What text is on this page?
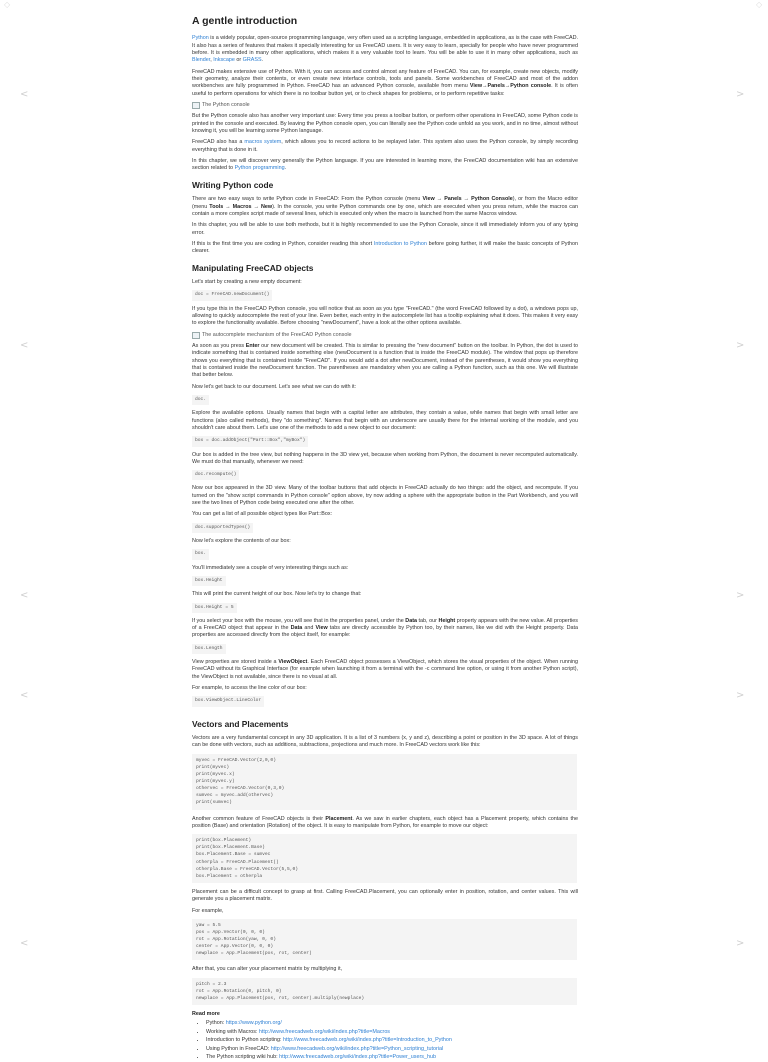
◇	◇
<	>
<	>
<	>
<	>
<	>
A gentle introduction

Python is a widely popular, open-source programming language, very often used as a scripting language, embedded in applications, as is the case with FreeCAD. It also has a series of features that makes it specially interesting for us FreeCAD users. It is very easy to learn, specially for people who have never programmed before. It is embedded in many other applications, which makes it a very valuable tool to learn. You will be able to use it in many other applications, such as Blender, Inkscape or GRASS.

FreeCAD makes extensive use of Python. With it, you can access and control almost any feature of FreeCAD. You can, for example, create new objects, modify their geometry, analyze their contents, or even create new interface controls, tools and panels. Some workbenches of FreeCAD and most of the addon workbenches are fully programmed in Python. FreeCAD has an advanced Python console, available from menu View→Panels→Python console. It is often useful to perform operations for which there is no toolbar button yet, or to check shapes for problems, or to perform repetitive tasks:

The Python console

But the Python console also has another very important use: Every time you press a toolbar button, or perform other operations in FreeCAD, some Python code is printed in the console and executed. By leaving the Python console open, you can literally see the Python code unfold as you work, and in no time, almost without knowing it, you will be learning some Python language.

FreeCAD also has a macros system, which allows you to record actions to be replayed later. This system also uses the Python console, by simply recording everything that is done in it.

In this chapter, we will discover very generally the Python language. If you are interested in learning more, the FreeCAD documentation wiki has an extensive section related to Python programming.

Writing Python code

There are two easy ways to write Python code in FreeCAD: From the Python console (menu View → Panels → Python Console), or from the Macro editor (menu Tools → Macros → New). In the console, you write Python commands one by one, which are executed when you press return, while the macros can contain a more complex script made of several lines, which is executed only when the macro is launched from the same Macros window.

In this chapter, you will be able to use both methods, but it is highly recommended to use the Python Console, since it will immediately inform you of any typing error.

If this is the first time you are coding in Python, consider reading this short Introduction to Python before going further, it will make the basic concepts of Python clearer.

Manipulating FreeCAD objects

Let's start by creating a new empty document:

doc = FreeCAD.newDocument()

If you type this in the FreeCAD Python console, you will notice that as soon as you type "FreeCAD." (the word FreeCAD followed by a dot), a windows pops up, allowing to quickly autocomplete the rest of your line. Even better, each entry in the autocomplete list has a tooltip explaining what it does. This makes it very easy to explore the functionality available. Before choosing "newDocument", have a look at the other options available.

The autocomplete mechanism of the FreeCAD Python console

As soon as you press Enter our new document will be created. This is similar to pressing the "new document" button on the toolbar. In Python, the dot is used to indicate something that is contained inside something else (newDocument is a function that is inside the FreeCAD module). The window that pops up therefore shows you everything that is contained inside "FreeCAD". If you would add a dot after newDocument, instead of the parentheses, it would show you everything that is contained inside the newDocument function. The parentheses are mandatory when you are calling a Python function, such as this one. We will illustrate that better below.

Now let's get back to our document. Let's see what we can do with it:

doc.

Explore the available options. Usually names that begin with a capital letter are attributes, they contain a value, while names that begin with small letter are functions (also called methods), they "do something". Names that begin with an underscore are usually there for the internal working of the module, and you shouldn't care about them. Let's use one of the methods to add a new object to our document:

box = doc.addObject("Part::Box","myBox")

Our box is added in the tree view, but nothing happens in the 3D view yet, because when working from Python, the document is never recomputed automatically. We must do that manually, whenever we need:

doc.recompute()

Now our box appeared in the 3D view. Many of the toolbar buttons that add objects in FreeCAD actually do two things: add the object, and recompute. If you turned on the "show script commands in Python console" option above, try now adding a sphere with the appropriate button in the Part Workbench, and you will see the two lines of Python code being executed one after the other.

You can get a list of all possible object types like Part::Box:

doc.supportedTypes()

Now let's explore the contents of our box:

box.

You'll immediately see a couple of very interesting things such as:

box.Height

This will print the current height of our box. Now let's try to change that:

box.Height = 5

If you select your box with the mouse, you will see that in the properties panel, under the Data tab, our Height property appears with the new value. All properties of a FreeCAD object that appear in the Data and View tabs are directly accessible by Python too, by their names, like we did with the Height property. Data properties are accessed directly from the object itself, for example:

box.Length

View properties are stored inside a ViewObject. Each FreeCAD object possesses a ViewObject, which stores the visual properties of the object. When running FreeCAD without its Graphical Interface (for example when launching it from a terminal with the -c command line option, or using it from another Python script), the ViewObject is not available, since there is no visual at all.

For example, to access the line color of our box:

box.ViewObject.LineColor
Vectors and Placements

Vectors are a very fundamental concept in any 3D application. It is a list of 3 numbers (x, y and z), describing a point or position in the 3D space. A lot of things can be done with vectors, such as additions, subtractions, projections and much more. In FreeCAD vectors work like this:

myvec = FreeCAD.Vector(2,0,0)
print(myvec)
print(myvec.x)
print(myvec.y)
othervec = FreeCAD.Vector(0,3,0)
sumvec = myvec.add(othervec)
print(sumvec)

Another common feature of FreeCAD objects is their Placement. As we saw in earlier chapters, each object has a Placement property, which contains the position (Base) and orientation (Rotation) of the object. It is easy to manipulate from Python, for example to move our object:

print(box.Placement)
print(box.Placement.Base)
box.Placement.Base = sumvec
otherpla = FreeCAD.Placement()
otherpla.Base = FreeCAD.Vector(5,5,0)
box.Placement = otherpla

Placement can be a difficult concept to grasp at first. Calling FreeCAD.Placement, you can optionally enter in position, rotation, and center values. This will generate you a placement matrix.

For example,

yaw = 5.5
pos = App.Vector(0, 0, 0)
rot = App.Rotation(yaw, 0, 0)
center = App.Vector(0, 0, 0)
newplace = App.Placement(pos, rot, center)

After that, you can alter your placement matrix by multiplying it,

pitch = 2.3
rot = App.Rotation(0, pitch, 0)
newplace = App.Placement(pos, rot, center).multiply(newplace)
Read more
• Python: https://www.python.org/
• Working with Macros: http://www.freecadweb.org/wiki/index.php?title=Macros
• Introduction to Python scripting: http://www.freecadweb.org/wiki/index.php?title=Introduction_to_Python
• Using Python in FreeCAD: http://www.freecadweb.org/wiki/index.php?title=Python_scripting_tutorial
• The Python scripting wiki hub: http://www.freecadweb.org/wiki/index.php?title=Power_users_hub
